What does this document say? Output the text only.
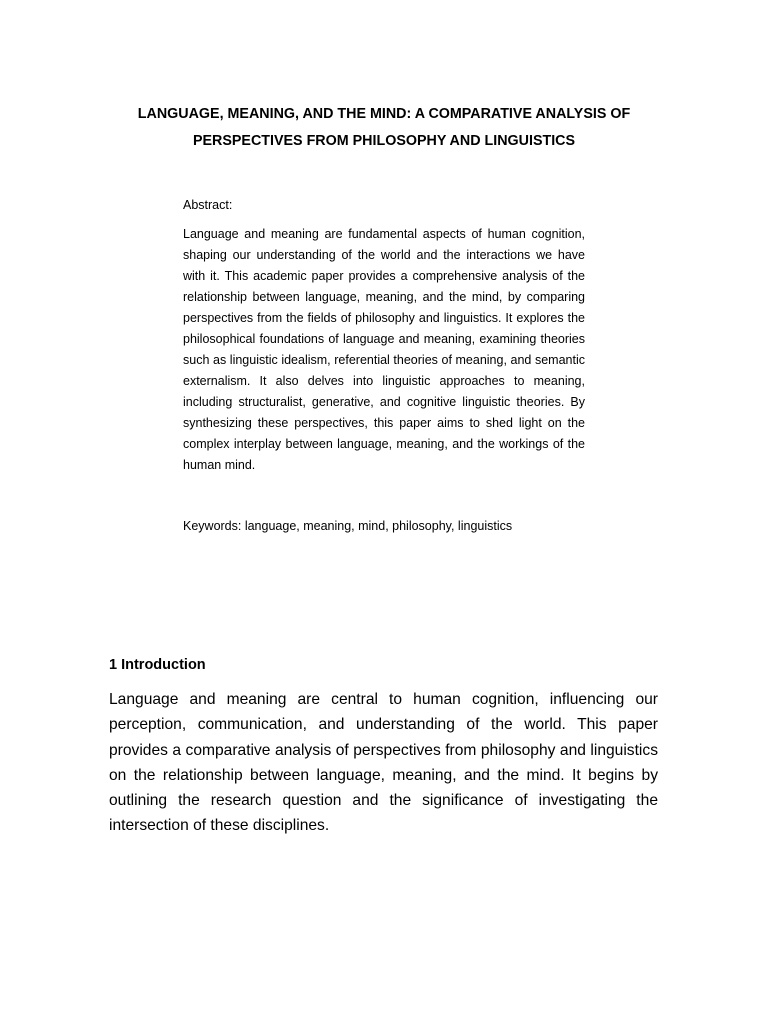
LANGUAGE, MEANING, AND THE MIND: A COMPARATIVE ANALYSIS OF
PERSPECTIVES FROM PHILOSOPHY AND LINGUISTICS

Abstract:

Language and meaning are fundamental aspects of human cognition, shaping our understanding of the world and the interactions we have with it. This academic paper provides a comprehensive analysis of the relationship between language, meaning, and the mind, by comparing perspectives from the fields of philosophy and linguistics. It explores the philosophical foundations of language and meaning, examining theories such as linguistic idealism, referential theories of meaning, and semantic externalism. It also delves into linguistic approaches to meaning, including structuralist, generative, and cognitive linguistic theories. By synthesizing these perspectives, this paper aims to shed light on the complex interplay between language, meaning, and the workings of the human mind.

Keywords: language, meaning, mind, philosophy, linguistics

1 Introduction

Language and meaning are central to human cognition, influencing our perception, communication, and understanding of the world. This paper provides a comparative analysis of perspectives from philosophy and linguistics on the relationship between language, meaning, and the mind. It begins by outlining the research question and the significance of investigating the intersection of these disciplines.
